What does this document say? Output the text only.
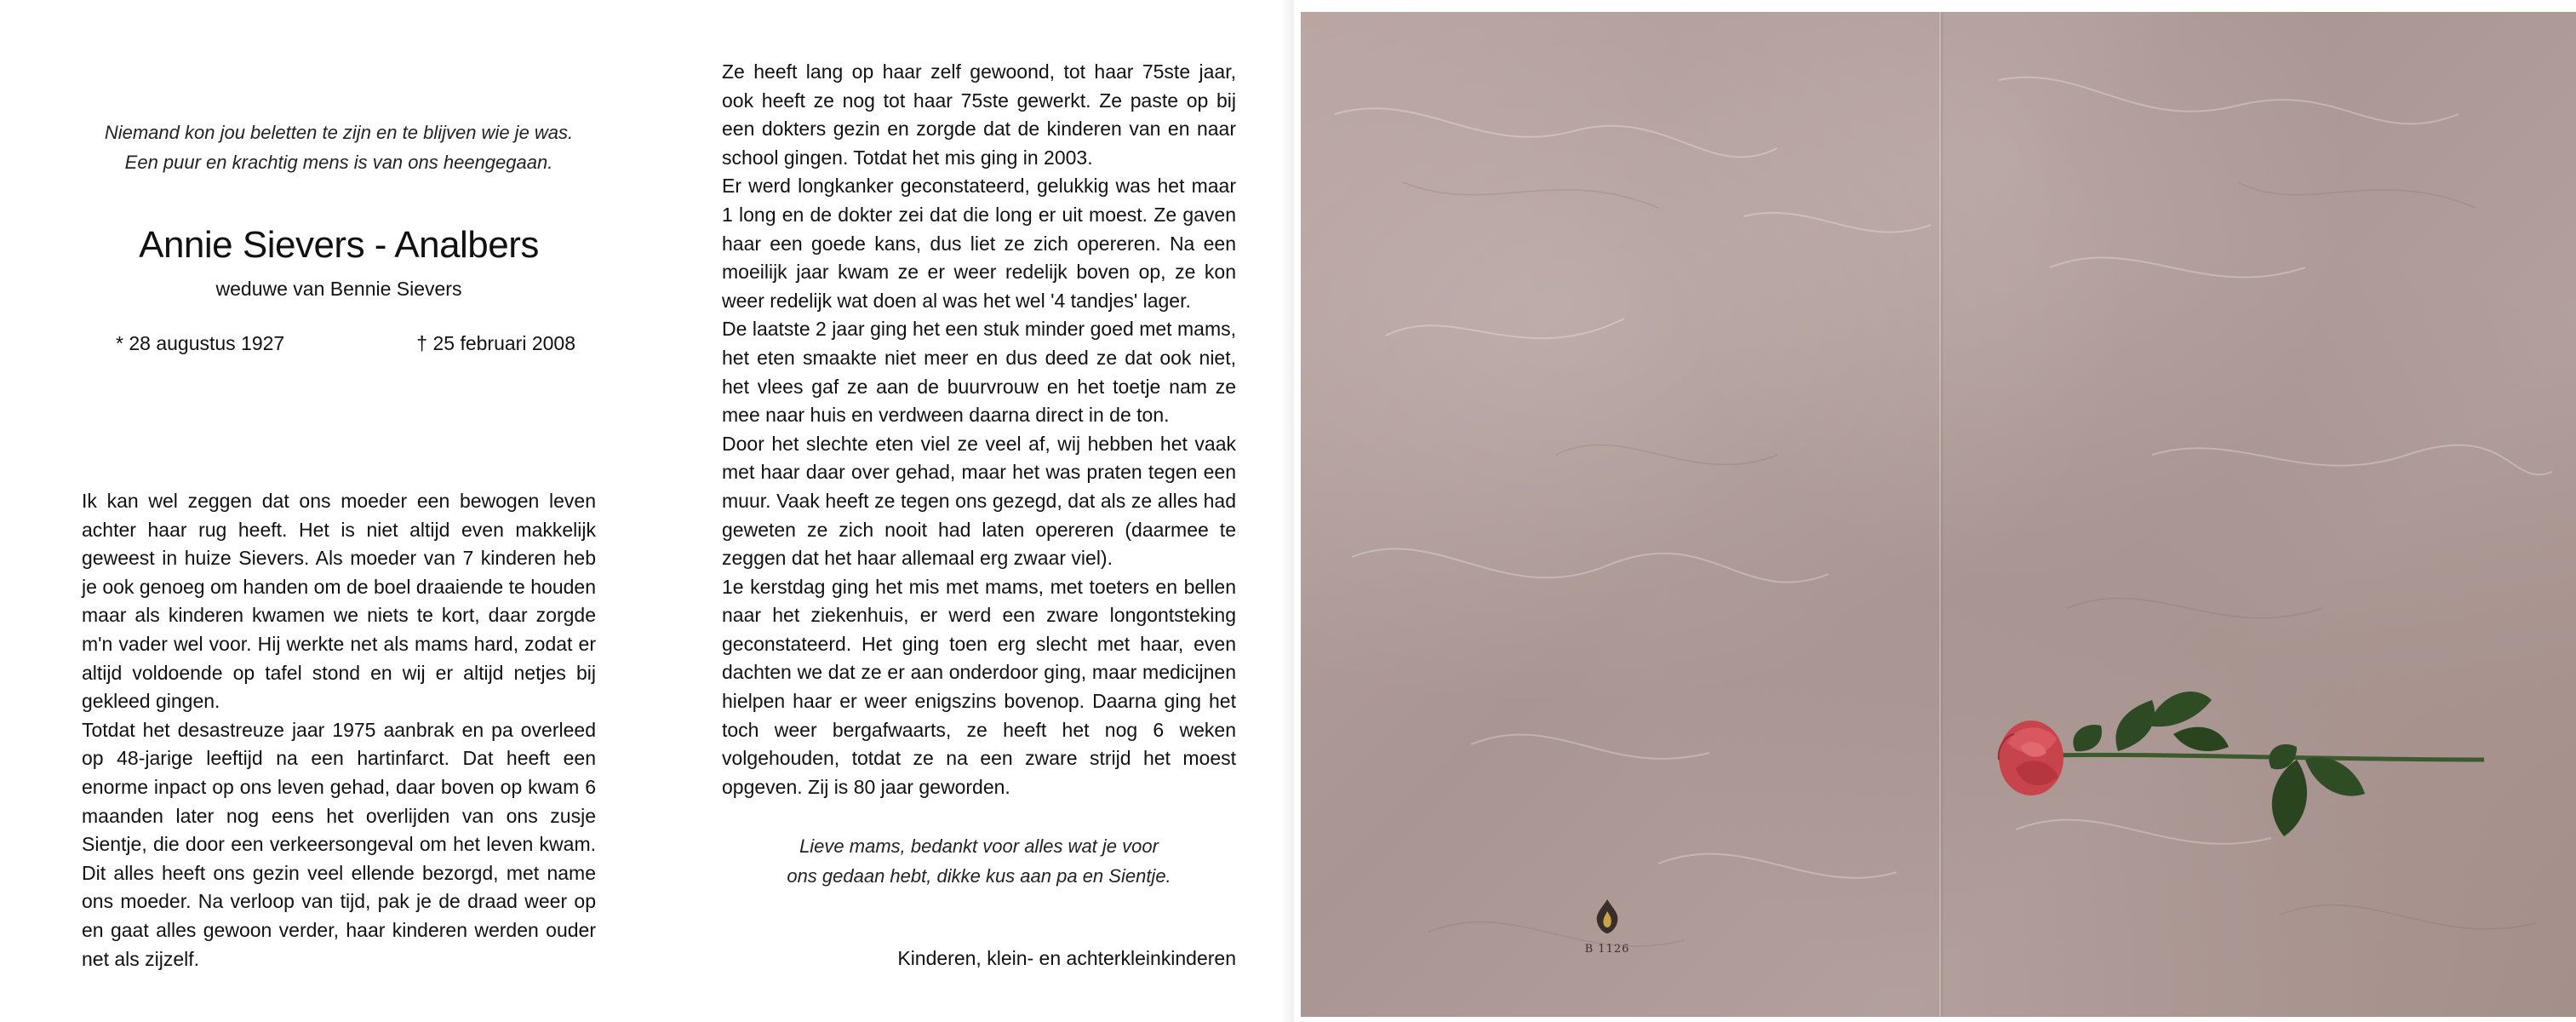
Niemand kon jou beletten te zijn en te blijven wie je was.
Een puur en krachtig mens is van ons heengegaan.
Annie Sievers - Analbers
weduwe van Bennie Sievers
* 28 augustus 1927	† 25 februari 2008

Ik kan wel zeggen dat ons moeder een bewogen leven achter haar rug heeft. Het is niet altijd even makkelijk geweest in huize Sievers. Als moeder van 7 kinderen heb je ook genoeg om handen om de boel draaiende te houden maar als kinderen kwamen we niets te kort, daar zorgde m'n vader wel voor. Hij werkte net als mams hard, zodat er altijd voldoende op tafel stond en wij er altijd netjes bij gekleed gingen.

Totdat het desastreuze jaar 1975 aanbrak en pa overleed op 48-jarige leeftijd na een hartinfarct. Dat heeft een enorme inpact op ons leven gehad, daar boven op kwam 6 maanden later nog eens het overlijden van ons zusje Sientje, die door een verkeersongeval om het leven kwam. Dit alles heeft ons gezin veel ellende bezorgd, met name ons moeder. Na verloop van tijd, pak je de draad weer op en gaat alles gewoon verder, haar kinderen werden ouder net als zijzelf.

Ze heeft lang op haar zelf gewoond, tot haar 75ste jaar, ook heeft ze nog tot haar 75ste gewerkt. Ze paste op bij een dokters gezin en zorgde dat de kinderen van en naar school gingen. Totdat het mis ging in 2003.

Er werd longkanker geconstateerd, gelukkig was het maar 1 long en de dokter zei dat die long er uit moest. Ze gaven haar een goede kans, dus liet ze zich opereren. Na een moeilijk jaar kwam ze er weer redelijk boven op, ze kon weer redelijk wat doen al was het wel '4 tandjes' lager.

De laatste 2 jaar ging het een stuk minder goed met mams, het eten smaakte niet meer en dus deed ze dat ook niet, het vlees gaf ze aan de buurvrouw en het toetje nam ze mee naar huis en verdween daarna direct in de ton.

Door het slechte eten viel ze veel af, wij hebben het vaak met haar daar over gehad, maar het was praten tegen een muur. Vaak heeft ze tegen ons gezegd, dat als ze alles had geweten ze zich nooit had laten opereren (daarmee te zeggen dat het haar allemaal erg zwaar viel).

1e kerstdag ging het mis met mams, met toeters en bellen naar het ziekenhuis, er werd een zware longontsteking geconstateerd. Het ging toen erg slecht met haar, even dachten we dat ze er aan onderdoor ging, maar medicijnen hielpen haar er weer enigszins bovenop. Daarna ging het toch weer bergafwaarts, ze heeft het nog 6 weken volgehouden, totdat ze na een zware strijd het moest opgeven. Zij is 80 jaar geworden.

Lieve mams, bedankt voor alles wat je voor
ons gedaan hebt, dikke kus aan pa en Sientje.
Kinderen, klein- en achterkleinkinderen	B 1126
